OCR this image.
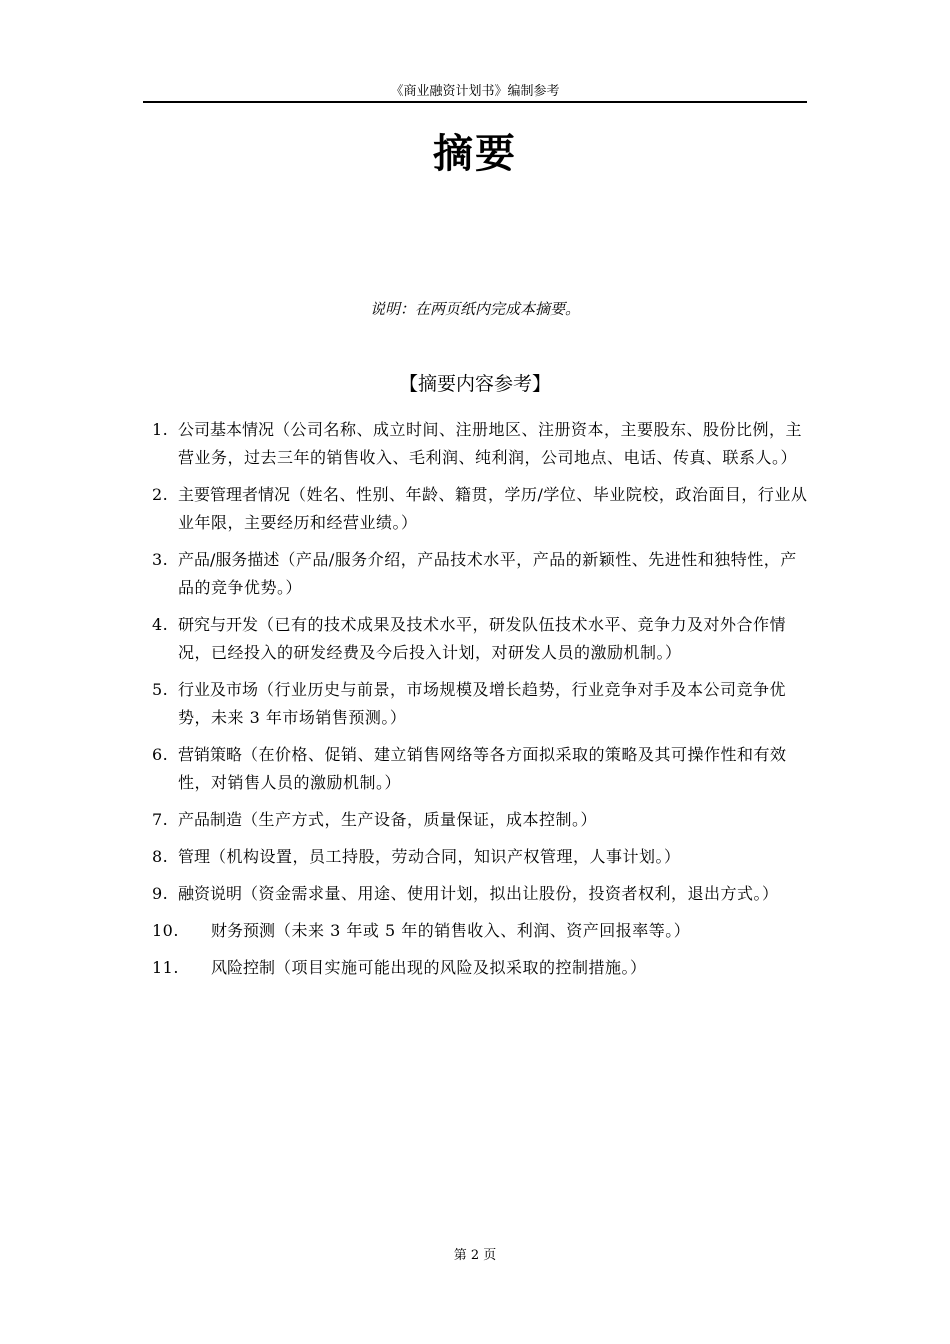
《商业融资计划书》编制参考
摘要
说明：在两页纸内完成本摘要。
【摘要内容参考】
1. 公司基本情况（公司名称、成立时间、注册地区、注册资本，主要股东、股份比例，主营业务，过去三年的销售收入、毛利润、纯利润，公司地点、电话、传真、联系人。）
2. 主要管理者情况（姓名、性别、年龄、籍贯，学历/学位、毕业院校，政治面目，行业从业年限，主要经历和经营业绩。）
3. 产品/服务描述（产品/服务介绍，产品技术水平，产品的新颖性、先进性和独特性，产品的竞争优势。）
4. 研究与开发（已有的技术成果及技术水平，研发队伍技术水平、竞争力及对外合作情况，已经投入的研发经费及今后投入计划，对研发人员的激励机制。）
5. 行业及市场（行业历史与前景，市场规模及增长趋势，行业竞争对手及本公司竞争优势，未来 3 年市场销售预测。）
6. 营销策略（在价格、促销、建立销售网络等各方面拟采取的策略及其可操作性和有效性，对销售人员的激励机制。）
7. 产品制造（生产方式，生产设备，质量保证，成本控制。）
8. 管理（机构设置，员工持股，劳动合同，知识产权管理，人事计划。）
9. 融资说明（资金需求量、用途、使用计划，拟出让股份，投资者权利，退出方式。）
10. 财务预测（未来 3 年或 5 年的销售收入、利润、资产回报率等。）
11. 风险控制（项目实施可能出现的风险及拟采取的控制措施。）
第 2 页
